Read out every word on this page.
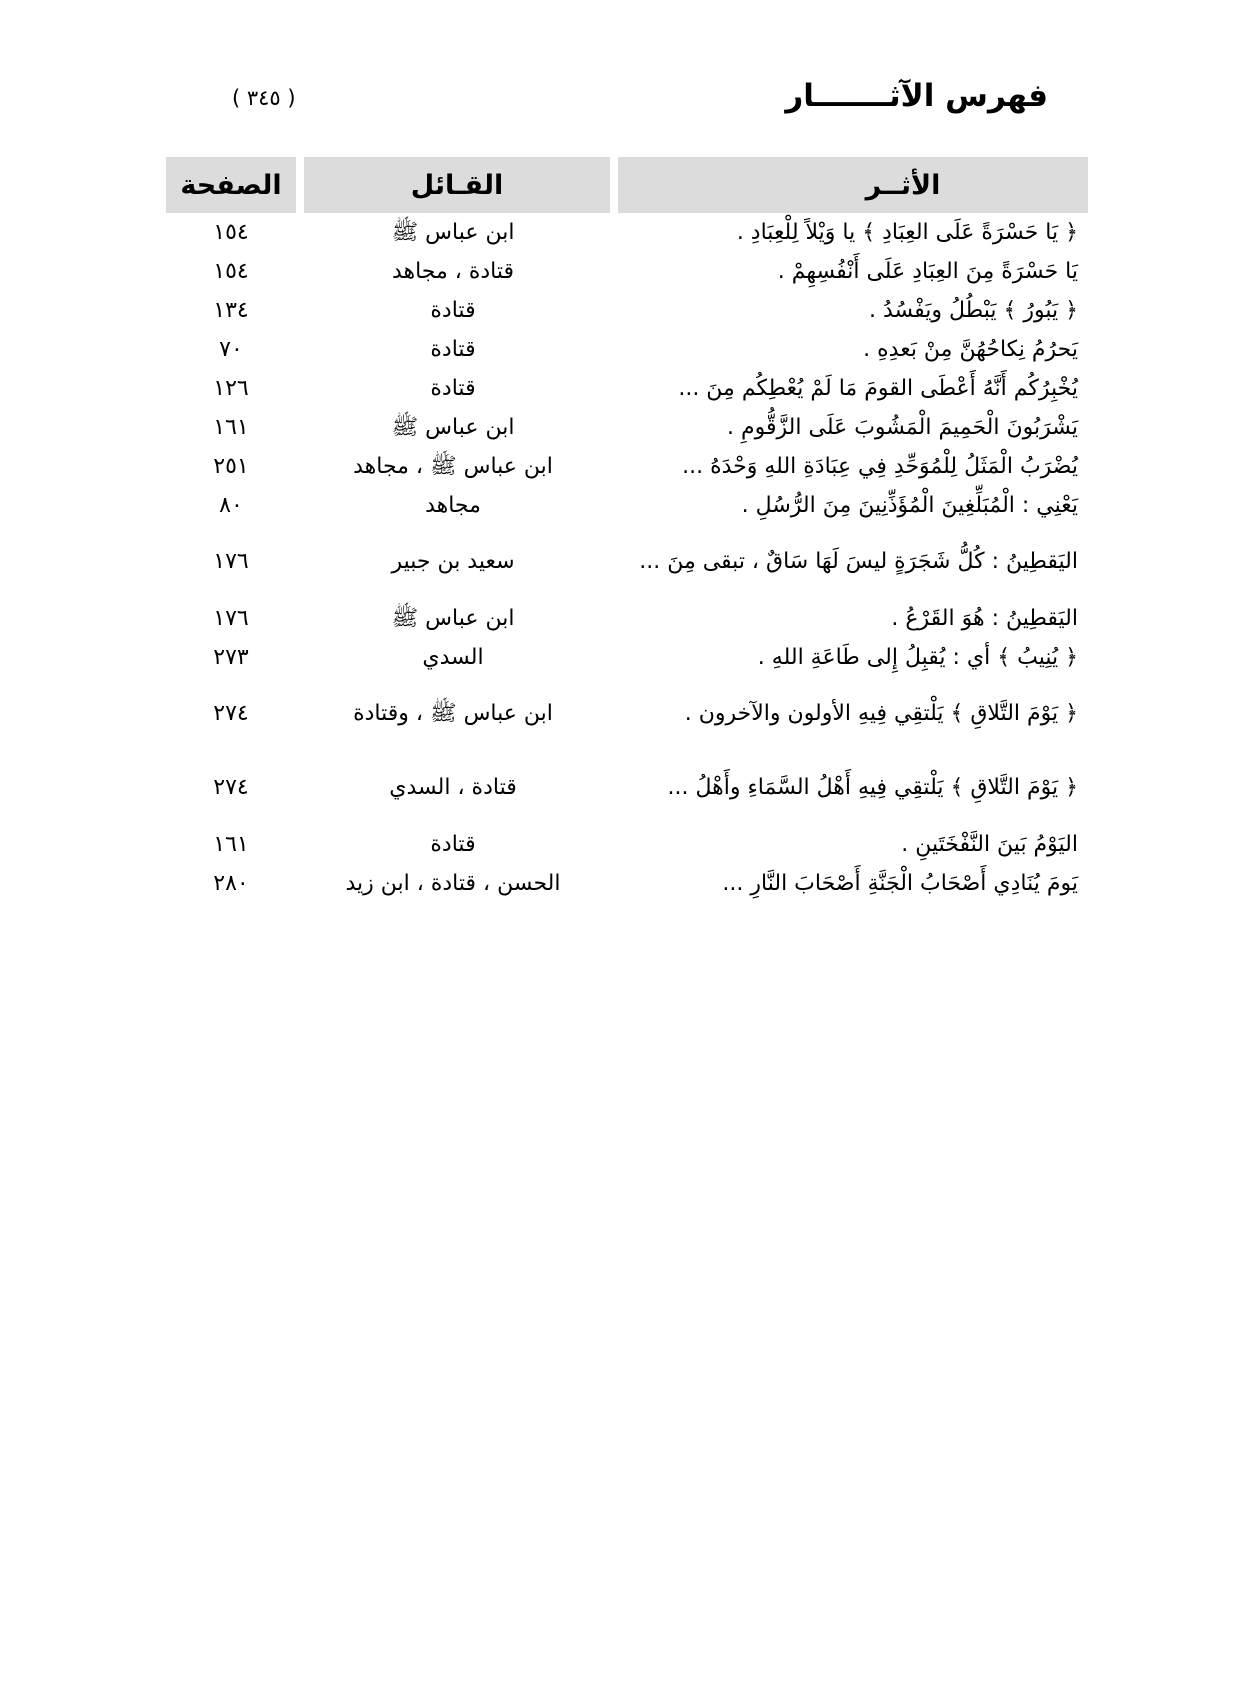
فهرس الآثـــــــار
( ٣٤٥ )
الأثــر	القـائل	الصفحة
﴿ يَا حَسْرَةً عَلَى العِبَادِ ﴾ يا وَيْلاً لِلْعِبَادِ .	ابن عباس ﷺ	١٥٤
يَا حَسْرَةً مِنَ العِبَادِ عَلَى أَنْفُسِهِمْ .	قتادة ، مجاهد	١٥٤
﴿ يَبُورُ ﴾ يَبْطُلُ ويَفْسُدُ .	قتادة	١٣٤
يَحرُمُ نِكاحُهُنَّ مِنْ بَعدِهِ .	قتادة	٧٠
يُخْبِرُكُم أَنَّهُ أَعْطَى القومَ مَا لَمْ يُعْطِكُم مِنَ ...	قتادة	١٢٦
يَشْرَبُونَ الْحَمِيمَ الْمَشُوبَ عَلَى الزَّقُّومِ .	ابن عباس ﷺ	١٦١
يُضْرَبُ الْمَثَلُ لِلْمُوَحِّدِ فِي عِبَادَةِ اللهِ وَحْدَهُ ...	ابن عباس ﷺ ، مجاهد	٢٥١
يَعْنِي : الْمُبَلِّغِينَ الْمُؤَذِّنِينَ مِنَ الرُّسُلِ .	مجاهد	٨٠
اليَقطِينُ : كُلُّ شَجَرَةٍ ليسَ لَهَا سَاقٌ ، تبقى مِنَ ...	سعيد بن جبير	١٧٦
اليَقطِينُ : هُوَ القَرْعُ .	ابن عباس ﷺ	١٧٦
﴿ يُنِيبُ ﴾ أي : يُقبِلُ إِلى طَاعَةِ اللهِ .	السدي	٢٧٣
﴿ يَوْمَ التَّلاقِ ﴾ يَلْتقِي فِيهِ الأولون والآخرون .	ابن عباس ﷺ ، وقتادة	٢٧٤
﴿ يَوْمَ التَّلاقِ ﴾ يَلْتقِي فِيهِ أَهْلُ السَّمَاءِ وأَهْلُ ...	قتادة ، السدي	٢٧٤
اليَوْمُ بَينَ النَّفْخَتَينِ .	قتادة	١٦١
يَومَ يُنَادِي أَصْحَابُ الْجَنَّةِ أَصْحَابَ النَّارِ ...	الحسن ، قتادة ، ابن زيد	٢٨٠
